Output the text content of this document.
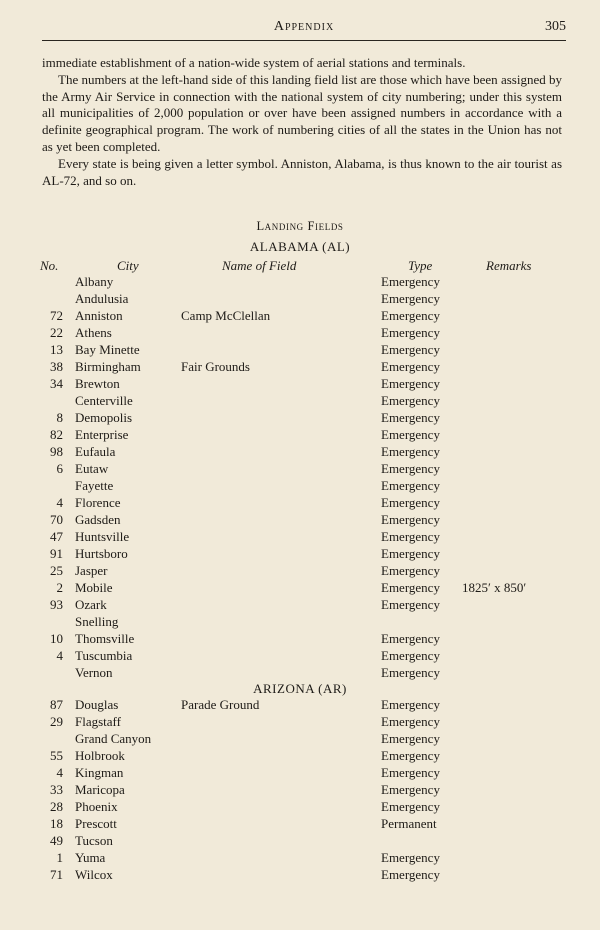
Appendix	305

immediate establishment of a nation-wide system of aerial stations and terminals.

The numbers at the left-hand side of this landing field list are those which have been assigned by the Army Air Service in connection with the national system of city numbering; under this system all municipalities of 2,000 population or over have been assigned numbers in accordance with a definite geographical program. The work of numbering cities of all the states in the Union has not as yet been completed.

Every state is being given a letter symbol. Anniston, Alabama, is thus known to the air tourist as AL-72, and so on.

Landing Fields
No.	City	Name of Field	Type	Remarks
ALABAMA (AL)
Albany	Emergency
Andulusia	Emergency
72 Anniston	Camp McClellan	Emergency
22 Athens	Emergency
13 Bay Minette	Emergency
38 Birmingham	Fair Grounds	Emergency
34 Brewton	Emergency
Centerville	Emergency
8 Demopolis	Emergency
82 Enterprise	Emergency
98 Eufaula	Emergency
6 Eutaw	Emergency
Fayette	Emergency
4 Florence	Emergency
70 Gadsden	Emergency
47 Huntsville	Emergency
91 Hurtsboro	Emergency
25 Jasper	Emergency
2 Mobile	Emergency 1825′ x 850′
93 Ozark	Emergency
Snelling
10 Thomsville	Emergency
4 Tuscumbia	Emergency
Vernon	Emergency
ARIZONA (AR)
87 Douglas	Parade Ground	Emergency
29 Flagstaff	Emergency
Grand Canyon	Emergency
55 Holbrook	Emergency
4 Kingman	Emergency
33 Maricopa	Emergency
28 Phoenix	Emergency
18 Prescott	Permanent
49 Tucson
1 Yuma	Emergency
71 Wilcox	Emergency
